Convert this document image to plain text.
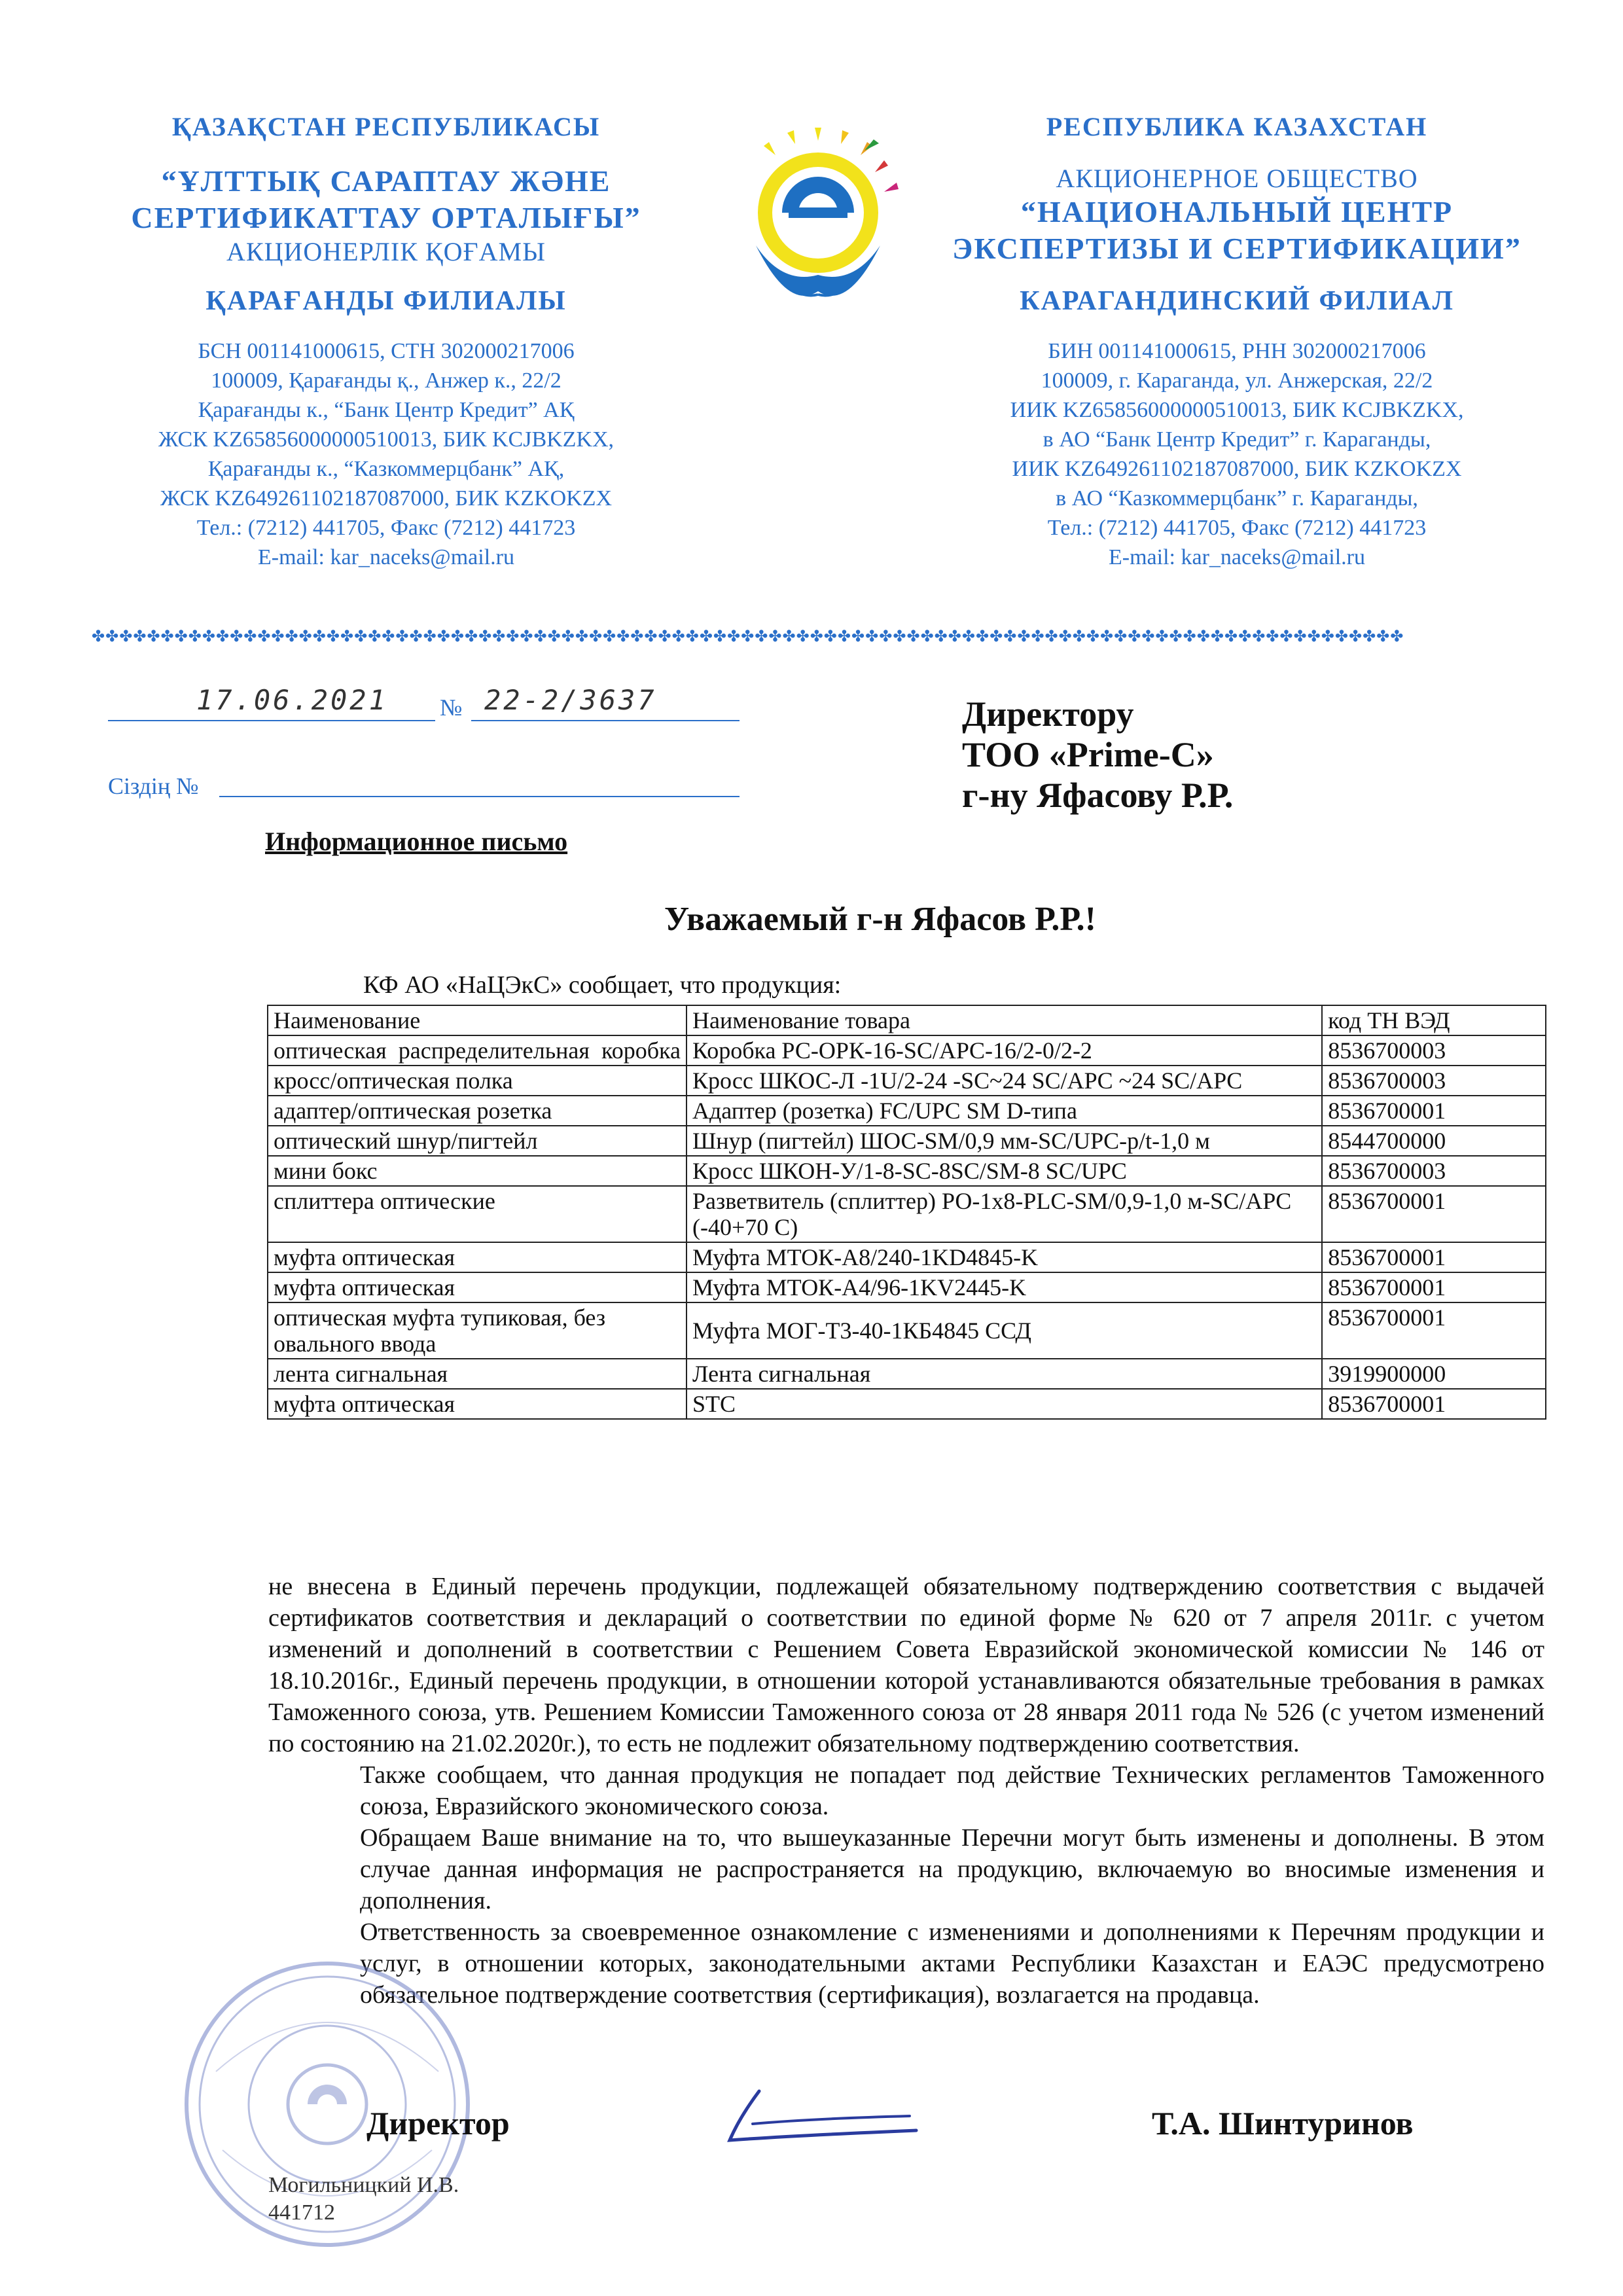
ҚАЗАҚСТАН РЕСПУБЛИКАСЫ
“ҰЛТТЫҚ САРАПТАУ ЖӘНЕ
СЕРТИФИКАТТАУ ОРТАЛЫҒЫ”
АКЦИОНЕРЛІК ҚОҒАМЫ
ҚАРАҒАНДЫ ФИЛИАЛЫ
БСН 001141000615, СТН 302000217006
100009, Қарағанды қ., Анжер к., 22/2
Қарағанды к., “Банк Центр Кредит” АҚ
ЖСК KZ65856000000510013, БИК KCJBKZKX,
Қарағанды к., “Казкоммерцбанк” АҚ,
ЖСК KZ649261102187087000, БИК KZKOKZX
Тел.: (7212) 441705, Факс (7212) 441723
E-mail: kar_naceks@mail.ru
РЕСПУБЛИКА КАЗАХСТАН
АКЦИОНЕРНОЕ ОБЩЕСТВО
“НАЦИОНАЛЬНЫЙ ЦЕНТР
ЭКСПЕРТИЗЫ И СЕРТИФИКАЦИИ”
КАРАГАНДИНСКИЙ ФИЛИАЛ
БИН 001141000615, РНН 302000217006
100009, г. Караганда, ул. Анжерская, 22/2
ИИК KZ65856000000510013, БИК KCJBKZKX,
в АО “Банк Центр Кредит” г. Караганды,
ИИК KZ649261102187087000, БИК KZKOKZX
в АО “Казкоммерцбанк” г. Караганды,
Тел.: (7212) 441705, Факс (7212) 441723
E-mail: kar_naceks@mail.ru
✤✤✤✤✤✤✤✤✤✤✤✤✤✤✤✤✤✤✤✤✤✤✤✤✤✤✤✤✤✤✤✤✤✤✤✤✤✤✤✤✤✤✤✤✤✤✤✤✤✤✤✤✤✤✤✤✤✤✤✤✤✤✤✤✤✤✤✤✤✤✤✤✤✤✤✤✤✤✤✤✤✤✤✤✤✤✤✤✤✤✤✤✤✤✤
17.06.2021 № 22-2/3637
Сіздің №
Директору
ТОО «Prime-C»
г-ну Яфасову Р.Р.
Информационное письмо
Уважаемый г-н Яфасов Р.Р.!
КФ АО «НаЦЭкС» сообщает, что продукция:
Наименование	Наименование товара	код ТН ВЭД
оптическая распределительная коробка	Коробка РС-ОРК-16-SC/APC-16/2-0/2-2	8536700003
кросс/оптическая полка	Кросс ШКОС-Л -1U/2-24 -SC~24 SC/APC ~24 SC/APC	8536700003
адаптер/оптическая розетка	Адаптер (розетка) FC/UPC SM D-типа	8536700001
оптический шнур/пигтейл	Шнур (пигтейл) ШОС-SM/0,9 мм-SC/UPC-p/t-1,0 м	8544700000
мини бокс	Кросс ШКОН-У/1-8-SC-8SC/SM-8 SC/UPC	8536700003
сплиттера оптические	Разветвитель (сплиттер) РО-1х8-PLC-SM/0,9-1,0 м-SC/APC (-40+70 С)	8536700001
муфта оптическая	Муфта МТОК-А8/240-1KD4845-K	8536700001
муфта оптическая	Муфта МТОК-А4/96-1KV2445-K	8536700001
оптическая муфта тупиковая, без овального ввода	Муфта МОГ-Т3-40-1КБ4845 ССД	8536700001
лента сигнальная	Лента сигнальная	3919900000
муфта оптическая	STC	8536700001
не внесена в Единый перечень продукции, подлежащей обязательному подтверждению соответствия с выдачей сертификатов соответствия и деклараций о соответствии по единой форме № 620 от 7 апреля 2011г. с учетом изменений и дополнений в соответствии с Решением Совета Евразийской экономической комиссии № 146 от 18.10.2016г., Единый перечень продукции, в отношении которой устанавливаются обязательные требования в рамках Таможенного союза, утв. Решением Комиссии Таможенного союза от 28 января 2011 года № 526 (с учетом изменений по состоянию на 21.02.2020г.), то есть не подлежит обязательному подтверждению соответствия.
Также сообщаем, что данная продукция не попадает под действие Технических регламентов Таможенного союза, Евразийского экономического союза.
Обращаем Ваше внимание на то, что вышеуказанные Перечни могут быть изменены и дополнены. В этом случае данная информация не распространяется на продукцию, включаемую во вносимые изменения и дополнения.
Ответственность за своевременное ознакомление с изменениями и дополнениями к Перечням продукции и услуг, в отношении которых, законодательными актами Республики Казахстан и ЕАЭС предусмотрено обязательное подтверждение соответствия (сертификация), возлагается на продавца.
Директор	Т.А. Шинтуринов
Могильницкий И.В.
441712
